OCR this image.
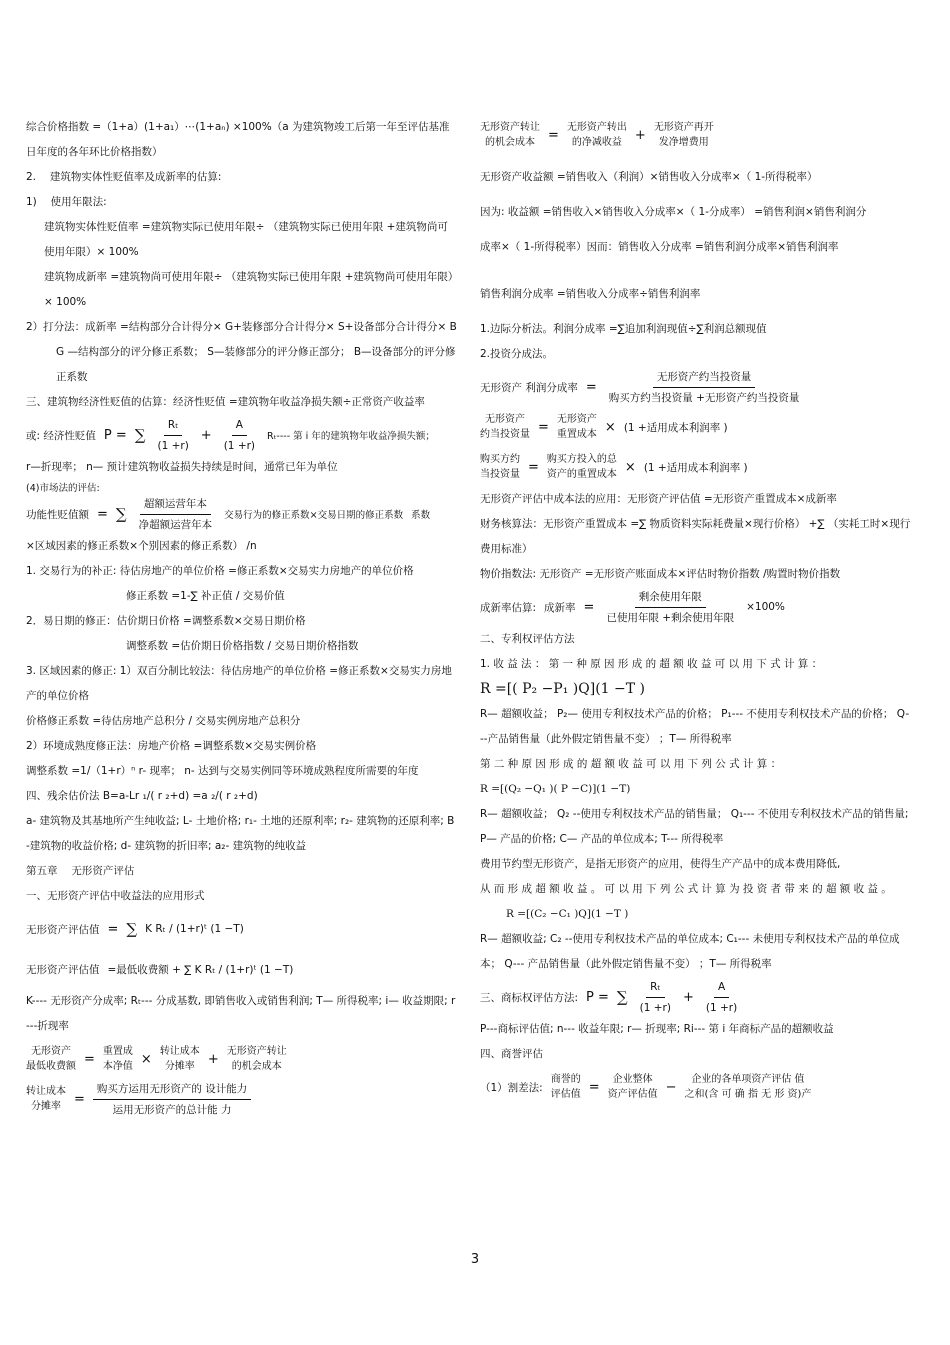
综合价格指数 =（1+a）(1+a₁）⋯(1+aₙ) ×100%（a 为建筑物竣工后第一年至评估基准日年度的各年环比价格指数）
2.　 建筑物实体性贬值率及成新率的估算:
1)　 使用年限法:
建筑物实体性贬值率 =建筑物实际已使用年限÷ （建筑物实际已使用年限 +建筑物尚可使用年限）× 100%
建筑物成新率 =建筑物尚可使用年限÷ （建筑物实际已使用年限 +建筑物尚可使用年限）× 100%
2）打分法：成新率 =结构部分合计得分× G+装修部分合计得分× S+设备部分合计得分× B
G —结构部分的评分修正系数； S—装修部分的评分修正部分； B—设备部分的评分修正系数
三、建筑物经济性贬值的估算：经济性贬值 =建筑物年收益净损失额÷正常资产收益率
或: 经济性贬值 P = ∑ $\frac{\text{Rₜ}}{(1 +r)} + \frac{A}{(1 +r)} R_t----$ 第 i 年的建筑物年收益净损失额；
r—折现率； n— 预计建筑物收益损失持续是时间，通常已年为单位
(4)市场法的评估:
功能性贬值额 = ∑ $\frac{\text{超额运营年本}}{\text{净超额运营年本}}$ 交易行为的修正系数×交易日期的修正系数 系数
×区域因素的修正系数×个别因素的修正系数） /n
1. 交易行为的补正: 待估房地产的单位价格 =修正系数×交易实力房地产的单位价格
修正系数 =1-∑ 补正值 / 交易价值
2．易日期的修正：估价期日价格 =调整系数×交易日期价格
调整系数 =估价期日价格指数 / 交易日期价格指数
3. 区域因素的修正: 1）双百分制比较法：待估房地产的单位价格 =修正系数×交易实力房地产的单位价格
价格修正系数 =待估房地产总积分 / 交易实例房地产总积分
2）环境成熟度修正法：房地产价格 =调整系数×交易实例价格
调整系数 =1/（1+r）ⁿ r- 现率； n- 达到与交易实例同等环境成熟程度所需要的年度
四、残余估价法 B=a-Lr ₁/( r ₂+d) =a ₂/( r ₂+d)
a- 建筑物及其基地所产生纯收益; L- 土地价格; r₁- 土地的还原利率; r₂- 建筑物的还原利率; B-建筑物的收益价格; d- 建筑物的折旧率; a₂- 建筑物的纯收益
第五章　 无形资产评估
一、无形资产评估中收益法的应用形式
无形资产评估值 = ∑ K Rₜ / (1+r)ᵗ (1 −T)
无形资产评估值 =最低收费额 + ∑ K Rₜ / (1+r)ᵗ (1 −T)
K---- 无形资产分成率; Rₜ--- 分成基数, 即销售收入或销售利润; T— 所得税率; i— 收益期限; r---折现率
无形资产
最低收费额 = 重置成
本净值 × 转让成本
分摊率 + 无形资产转让
的机会成本
转让成本
分摊率 = $\frac{\text{购买方运用无形资产的 设计能力}}{\text{运用无形资产的总计能 力}}$
无形资产转让
的机会成本 = 无形资产转出
的净减收益 + 无形资产再开
发净增费用
无形资产收益额 =销售收入（利润）×销售收入分成率×（ 1-所得税率）
因为: 收益额 =销售收入×销售收入分成率×（ 1-分成率） =销售利润×销售利润分
成率×（ 1-所得税率）因而：销售收入分成率 =销售利润分成率×销售利润率
销售利润分成率 =销售收入分成率÷销售利润率
1.边际分析法。利润分成率 =∑追加利润现值÷∑利润总额现值
2.投资分成法。
无形资产 利润分成率 = $\frac{\text{无形资产约当投资量}}{\text{购买方约当投资量 +无形资产约当投资量}}$
无形资产
约当投资量 = 无形资产
重置成本 × (1 +适用成本利润率 )
购买方约
当投资量 = 购买方投入的总
资产的重置成本 × (1 +适用成本利润率 )
无形资产评估中成本法的应用：无形资产评估值 =无形资产重置成本×成新率
财务核算法：无形资产重置成本 =∑ 物质资料实际耗费量×现行价格） +∑ （实耗工时×现行费用标准）
物价指数法: 无形资产 =无形资产账面成本×评估时物价指数 /购置时物价指数
成新率估算: 成新率 = $\frac{\text{剩余使用年限}}{\text{已使用年限 +剩余使用年限}} \times 100\%$
二、专利权评估方法
1. 收 益 法 ： 第 一 种 原 因 形 成 的 超 额 收 益 可 以 用 下 式 计 算 ：
R =[( P₂ −P₁ )Q](1 −T )
R— 超额收益； P₂— 使用专利权技术产品的价格； P₁--- 不使用专利权技术产品的价格； Q---产品销售量（此外假定销售量不变） ；T— 所得税率
第 二 种 原 因 形 成 的 超 额 收 益 可 以 用 下 列 公 式 计 算 ：
R =[(Q₂ −Q₁ )( P −C)](1 −T)
R— 超额收益； Q₂ --使用专利权技术产品的销售量； Q₁--- 不使用专利权技术产品的销售量; P— 产品的价格; C— 产品的单位成本; T--- 所得税率
费用节约型无形资产，是指无形资产的应用，使得生产产品中的成本费用降低,
从 而 形 成 超 额 收 益 。 可 以 用 下 列 公 式 计 算 为 投 资 者 带 来 的 超 额 收 益 。
R =[(C₂ −C₁ )Q](1 −T )
R— 超额收益; C₂ --使用专利权技术产品的单位成本; C₁--- 未使用专利权技术产品的单位成本； Q--- 产品销售量（此外假定销售量不变） ；T— 所得税率
三、商标权评估方法: P = ∑ $\frac{\text{Rₜ}}{(1 +r)} + \frac{A}{(1 +r)}$
P---商标评估值; n--- 收益年限; r— 折现率; Ri--- 第 i 年商标产品的超额收益
四、商誉评估
（1）割差法:
商誉的
评估值 = 企业整体
资产评估值 − 企业的各单项资产评估 值
之和(含 可 确 指 无 形 资)产
3
